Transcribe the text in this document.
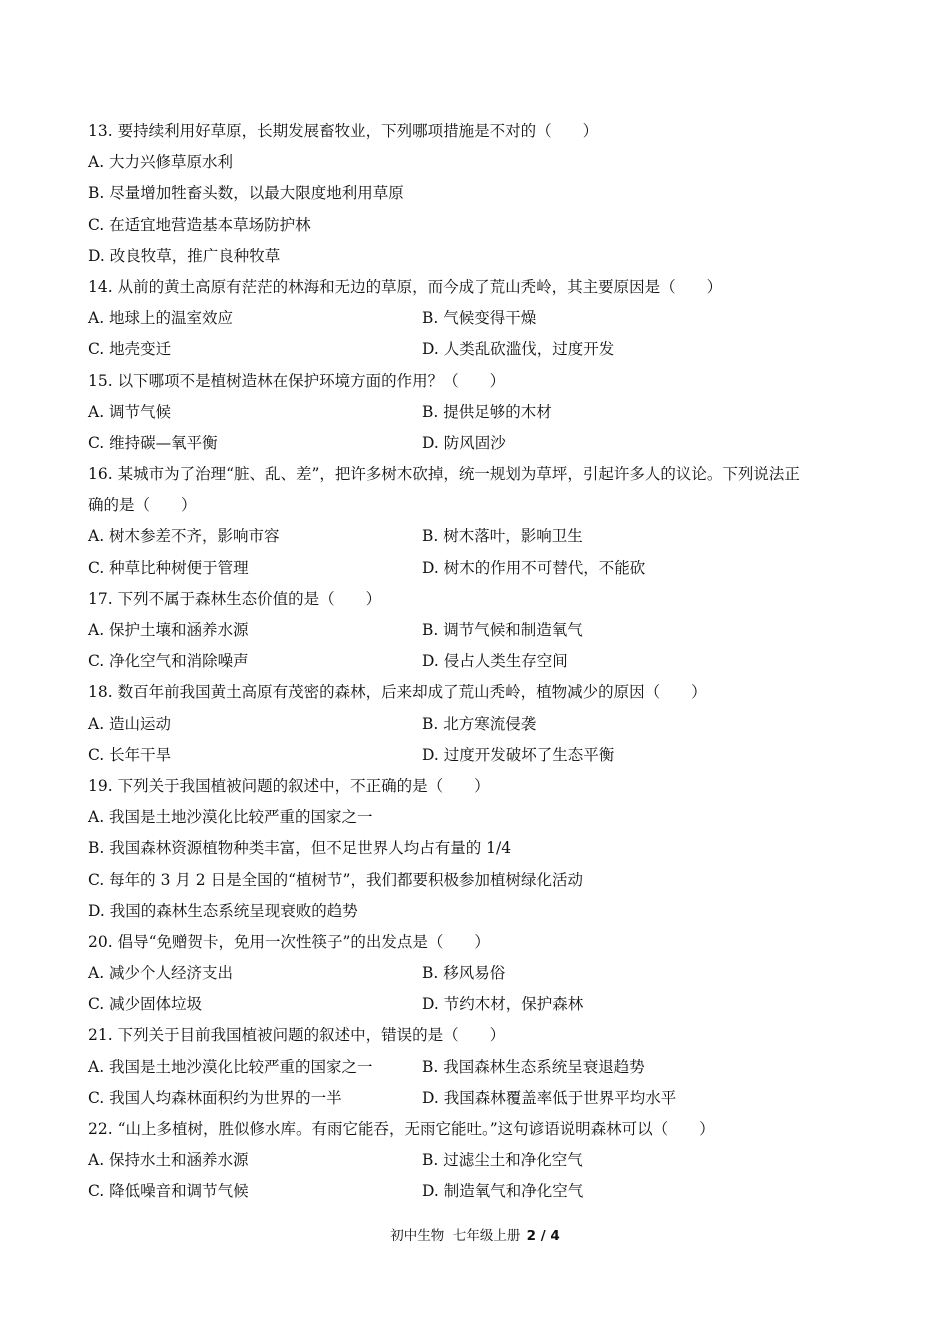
13. 要持续利用好草原，长期发展畜牧业，下列哪项措施是不对的（　　）
A. 大力兴修草原水利
B. 尽量增加牲畜头数，以最大限度地利用草原
C. 在适宜地营造基本草场防护林
D. 改良牧草，推广良种牧草
14. 从前的黄土高原有茫茫的林海和无边的草原，而今成了荒山秃岭，其主要原因是（　　）
A. 地球上的温室效应	B. 气候变得干燥
C. 地壳变迁	D. 人类乱砍滥伐，过度开发
15. 以下哪项不是植树造林在保护环境方面的作用？（　　）
A. 调节气候	B. 提供足够的木材
C. 维持碳—氧平衡	D. 防风固沙
16. 某城市为了治理“脏、乱、差”，把许多树木砍掉，统一规划为草坪，引起许多人的议论。下列说法正
确的是（　　）
A. 树木参差不齐，影响市容	B. 树木落叶，影响卫生
C. 种草比种树便于管理	D. 树木的作用不可替代，不能砍
17. 下列不属于森林生态价值的是（　　）
A. 保护土壤和涵养水源	B. 调节气候和制造氧气
C. 净化空气和消除噪声	D. 侵占人类生存空间
18. 数百年前我国黄土高原有茂密的森林，后来却成了荒山秃岭，植物减少的原因（　　）
A. 造山运动	B. 北方寒流侵袭
C. 长年干旱	D. 过度开发破坏了生态平衡
19. 下列关于我国植被问题的叙述中，不正确的是（　　）
A. 我国是土地沙漠化比较严重的国家之一
B. 我国森林资源植物种类丰富，但不足世界人均占有量的 1/4
C. 每年的 3 月 2 日是全国的“植树节”，我们都要积极参加植树绿化活动
D. 我国的森林生态系统呈现衰败的趋势
20. 倡导“免赠贺卡，免用一次性筷子”的出发点是（　　）
A. 减少个人经济支出	B. 移风易俗
C. 减少固体垃圾	D. 节约木材，保护森林
21. 下列关于目前我国植被问题的叙述中，错误的是（　　）
A. 我国是土地沙漠化比较严重的国家之一	B. 我国森林生态系统呈衰退趋势
C. 我国人均森林面积约为世界的一半	D. 我国森林覆盖率低于世界平均水平
22. “山上多植树，胜似修水库。有雨它能吞，无雨它能吐。”这句谚语说明森林可以（　　）
A. 保持水土和涵养水源	B. 过滤尘土和净化空气
C. 降低噪音和调节气候	D. 制造氧气和净化空气
初中生物  七年级上册 2 / 4
